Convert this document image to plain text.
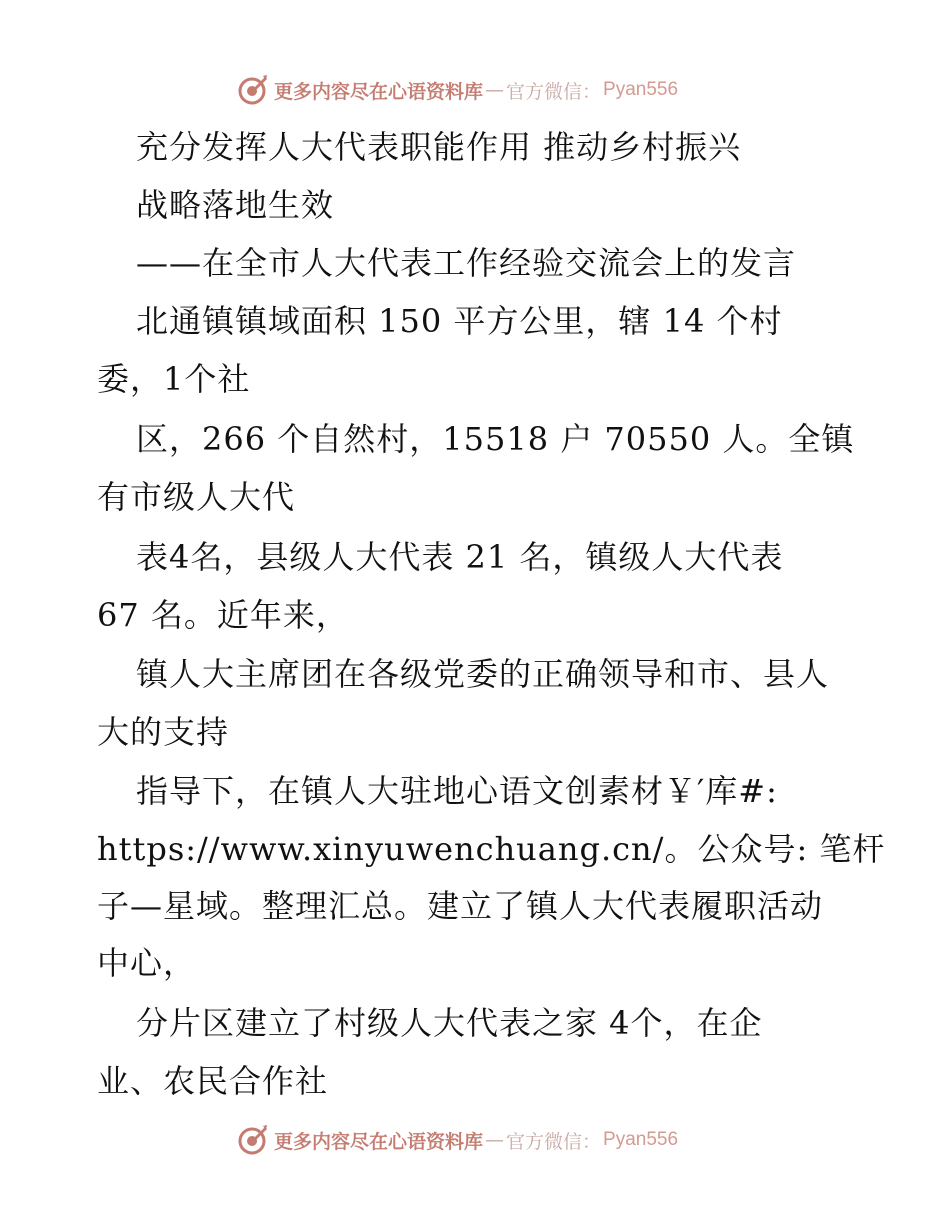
更多内容尽在心语资料库 — 官方微信： Pyan556
充分发挥人大代表职能作用 推动乡村振兴
战略落地生效
——在全市人大代表工作经验交流会上的发言
北通镇镇域面积 150 平方公里，辖 14 个村
委，1个社
区，266 个自然村，15518 户 70550 人。全镇
有市级人大代
表4名，县级人大代表 21 名，镇级人大代表
67 名。近年来，
镇人大主席团在各级党委的正确领导和市、县人
大的支持
指导下，在镇人大驻地心语文创素材￥′库#:
https://www.xinyuwenchuang.cn/。公众号: 笔杆
子—星域。整理汇总。建立了镇人大代表履职活动
中心，
分片区建立了村级人大代表之家 4个，在企
业、农民合作社
更多内容尽在心语资料库 — 官方微信： Pyan556
